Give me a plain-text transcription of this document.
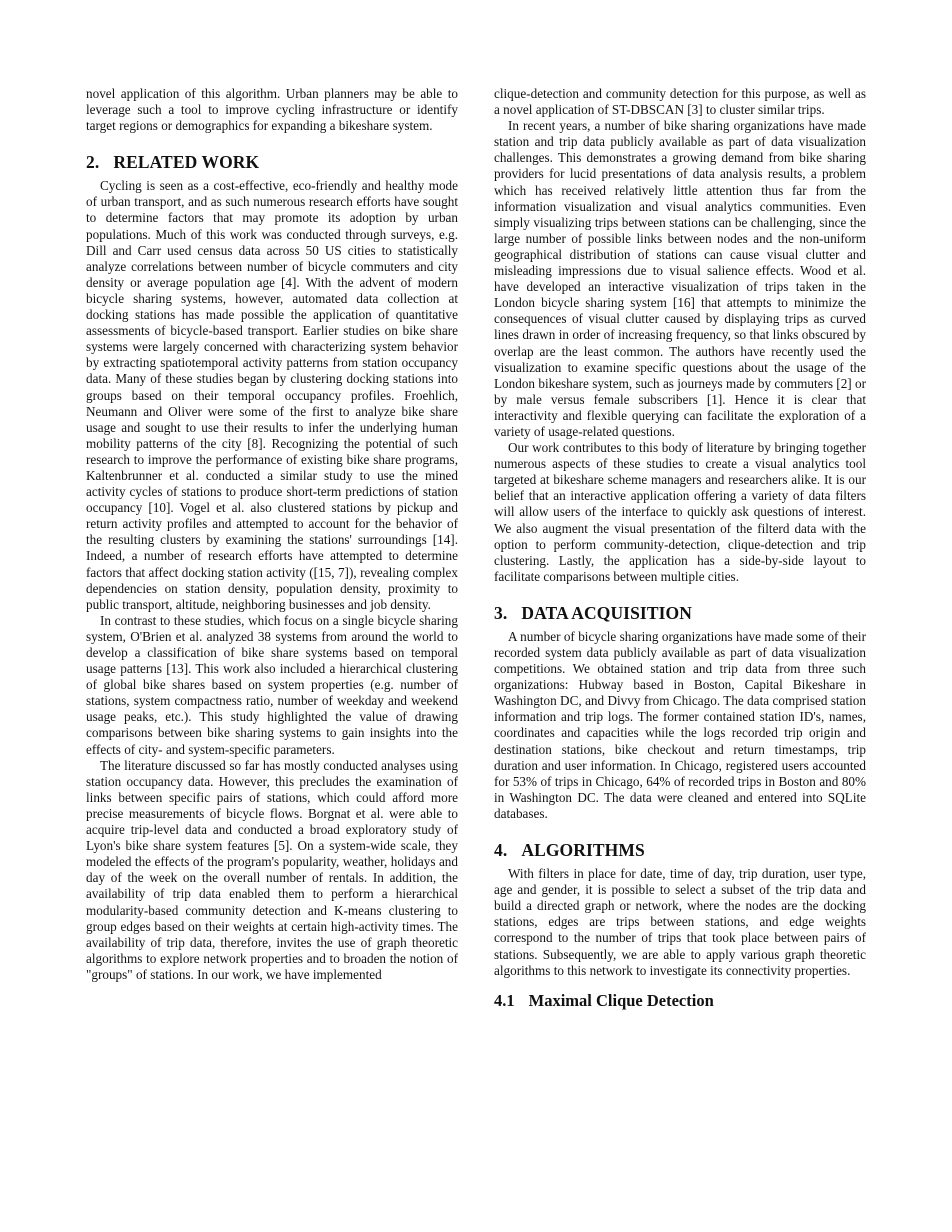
novel application of this algorithm. Urban planners may be able to leverage such a tool to improve cycling infrastructure or identify target regions or demographics for expanding a bikeshare system.

2. RELATED WORK

Cycling is seen as a cost-effective, eco-friendly and healthy mode of urban transport, and as such numerous research efforts have sought to determine factors that may promote its adoption by urban populations. Much of this work was conducted through surveys, e.g. Dill and Carr used census data across 50 US cities to statistically analyze correlations between number of bicycle commuters and city density or average population age [4]. With the advent of modern bicycle sharing systems, however, automated data collection at docking stations has made possible the application of quantitative assessments of bicycle-based transport. Earlier studies on bike share systems were largely concerned with characterizing system behavior by extracting spatiotemporal activity patterns from station occupancy data. Many of these studies began by clustering docking stations into groups based on their temporal occupancy profiles. Froehlich, Neumann and Oliver were some of the first to analyze bike share usage and sought to use their results to infer the underlying human mobility patterns of the city [8]. Recognizing the potential of such research to improve the performance of existing bike share programs, Kaltenbrunner et al. conducted a similar study to use the mined activity cycles of stations to produce short-term predictions of station occupancy [10]. Vogel et al. also clustered stations by pickup and return activity profiles and attempted to account for the behavior of the resulting clusters by examining the stations' surroundings [14]. Indeed, a number of research efforts have attempted to determine factors that affect docking station activity ([15, 7]), revealing complex dependencies on station density, population density, proximity to public transport, altitude, neighboring businesses and job density.

In contrast to these studies, which focus on a single bicycle sharing system, O'Brien et al. analyzed 38 systems from around the world to develop a classification of bike share systems based on temporal usage patterns [13]. This work also included a hierarchical clustering of global bike shares based on system properties (e.g. number of stations, system compactness ratio, number of weekday and weekend usage peaks, etc.). This study highlighted the value of drawing comparisons between bike sharing systems to gain insights into the effects of city- and system-specific parameters.

The literature discussed so far has mostly conducted analyses using station occupancy data. However, this precludes the examination of links between specific pairs of stations, which could afford more precise measurements of bicycle flows. Borgnat et al. were able to acquire trip-level data and conducted a broad exploratory study of Lyon's bike share system features [5]. On a system-wide scale, they modeled the effects of the program's popularity, weather, holidays and day of the week on the overall number of rentals. In addition, the availability of trip data enabled them to perform a hierarchical modularity-based community detection and K-means clustering to group edges based on their weights at certain high-activity times. The availability of trip data, therefore, invites the use of graph theoretic algorithms to explore network properties and to broaden the notion of "groups" of stations. In our work, we have implemented

clique-detection and community detection for this purpose, as well as a novel application of ST-DBSCAN [3] to cluster similar trips.

In recent years, a number of bike sharing organizations have made station and trip data publicly available as part of data visualization challenges. This demonstrates a growing demand from bike sharing providers for lucid presentations of data analysis results, a problem which has received relatively little attention thus far from the information visualization and visual analytics communities. Even simply visualizing trips between stations can be challenging, since the large number of possible links between nodes and the non-uniform geographical distribution of stations can cause visual clutter and misleading impressions due to visual salience effects. Wood et al. have developed an interactive visualization of trips taken in the London bicycle sharing system [16] that attempts to minimize the consequences of visual clutter caused by displaying trips as curved lines drawn in order of increasing frequency, so that links obscured by overlap are the least common. The authors have recently used the visualization to examine specific questions about the usage of the London bikeshare system, such as journeys made by commuters [2] or by male versus female subscribers [1]. Hence it is clear that interactivity and flexible querying can facilitate the exploration of a variety of usage-related questions.

Our work contributes to this body of literature by bringing together numerous aspects of these studies to create a visual analytics tool targeted at bikeshare scheme managers and researchers alike. It is our belief that an interactive application offering a variety of data filters will allow users of the interface to quickly ask questions of interest. We also augment the visual presentation of the filterd data with the option to perform community-detection, clique-detection and trip clustering. Lastly, the application has a side-by-side layout to facilitate comparisons between multiple cities.

3. DATA ACQUISITION

A number of bicycle sharing organizations have made some of their recorded system data publicly available as part of data visualization competitions. We obtained station and trip data from three such organizations: Hubway based in Boston, Capital Bikeshare in Washington DC, and Divvy from Chicago. The data comprised station information and trip logs. The former contained station ID's, names, coordinates and capacities while the logs recorded trip origin and destination stations, bike checkout and return timestamps, trip duration and user information. In Chicago, registered users accounted for 53% of trips in Chicago, 64% of recorded trips in Boston and 80% in Washington DC. The data were cleaned and entered into SQLite databases.

4. ALGORITHMS

With filters in place for date, time of day, trip duration, user type, age and gender, it is possible to select a subset of the trip data and build a directed graph or network, where the nodes are the docking stations, edges are trips between stations, and edge weights correspond to the number of trips that took place between pairs of stations. Subsequently, we are able to apply various graph theoretic algorithms to this network to investigate its connectivity properties.

4.1 Maximal Clique Detection
